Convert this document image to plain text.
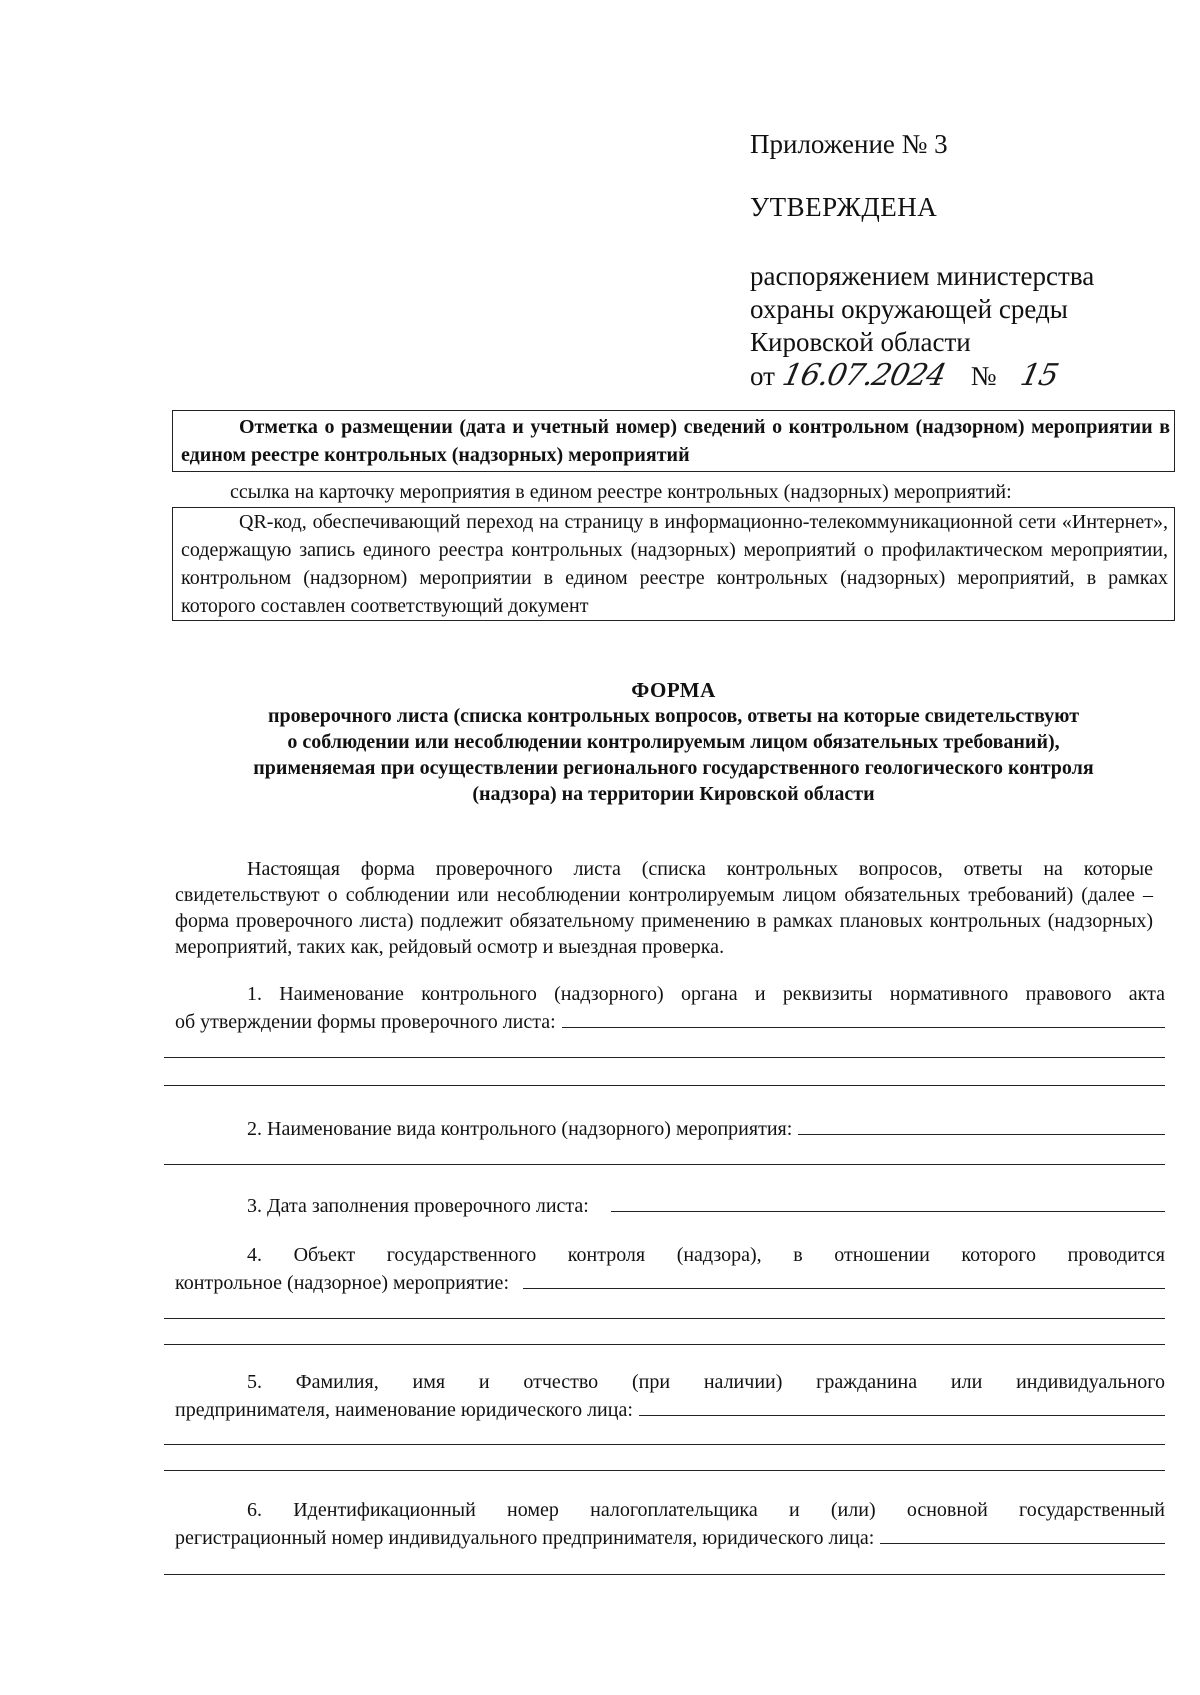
Приложение № 3
УТВЕРЖДЕНА
распоряжением министерства
охраны окружающей среды
Кировской области
от 16.07.2024 № 15
Отметка о размещении (дата и учетный номер) сведений о контрольном (надзорном) мероприятии в едином реестре контрольных (надзорных) мероприятий
ссылка на карточку мероприятия в едином реестре контрольных (надзорных) мероприятий:
QR-код, обеспечивающий переход на страницу в информационно-телекоммуникационной сети «Интернет», содержащую запись единого реестра контрольных (надзорных) мероприятий о профилактическом мероприятии, контрольном (надзорном) мероприятии в едином реестре контрольных (надзорных) мероприятий, в рамках которого составлен соответствующий документ
ФОРМА
проверочного листа (списка контрольных вопросов, ответы на которые свидетельствуют
о соблюдении или несоблюдении контролируемым лицом обязательных требований),
применяемая при осуществлении регионального государственного геологического контроля
(надзора) на территории Кировской области
Настоящая форма проверочного листа (списка контрольных вопросов, ответы на которые свидетельствуют о соблюдении или несоблюдении контролируемым лицом обязательных требований) (далее – форма проверочного листа) подлежит обязательному применению в рамках плановых контрольных (надзорных) мероприятий, таких как, рейдовый осмотр и выездная проверка.
1. Наименование контрольного (надзорного) органа и реквизиты нормативного правового акта
об утверждении формы проверочного листа:
2. Наименование вида контрольного (надзорного) мероприятия:
3. Дата заполнения проверочного листа:
4. Объект государственного контроля (надзора), в отношении которого проводится
контрольное (надзорное) мероприятие:
5. Фамилия, имя и отчество (при наличии) гражданина или индивидуального
предпринимателя, наименование юридического лица:
6. Идентификационный номер налогоплательщика и (или) основной государственный
регистрационный номер индивидуального предпринимателя, юридического лица:
